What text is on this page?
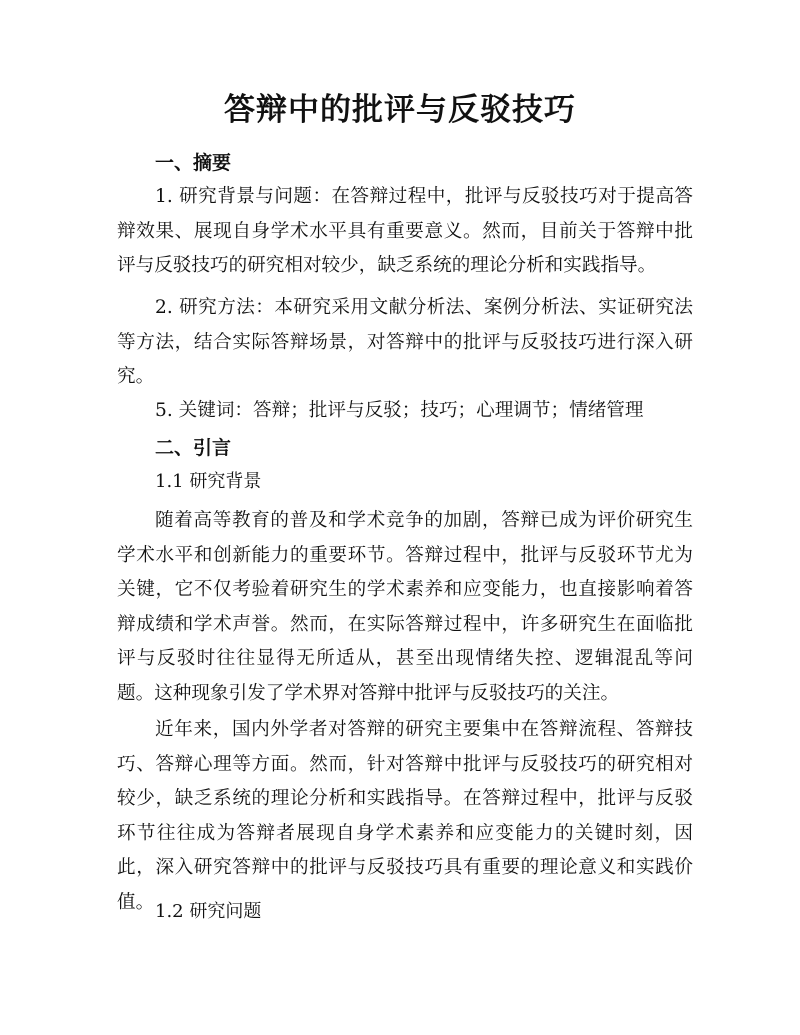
答辩中的批评与反驳技巧
一、摘要
1. 研究背景与问题：在答辩过程中，批评与反驳技巧对于提高答辩效果、展现自身学术水平具有重要意义。然而，目前关于答辩中批评与反驳技巧的研究相对较少，缺乏系统的理论分析和实践指导。
2. 研究方法：本研究采用文献分析法、案例分析法、实证研究法等方法，结合实际答辩场景，对答辩中的批评与反驳技巧进行深入研究。
5. 关键词：答辩；批评与反驳；技巧；心理调节；情绪管理
二、引言
1.1 研究背景
随着高等教育的普及和学术竞争的加剧，答辩已成为评价研究生学术水平和创新能力的重要环节。答辩过程中，批评与反驳环节尤为关键，它不仅考验着研究生的学术素养和应变能力，也直接影响着答辩成绩和学术声誉。然而，在实际答辩过程中，许多研究生在面临批评与反驳时往往显得无所适从，甚至出现情绪失控、逻辑混乱等问题。这种现象引发了学术界对答辩中批评与反驳技巧的关注。
近年来，国内外学者对答辩的研究主要集中在答辩流程、答辩技巧、答辩心理等方面。然而，针对答辩中批评与反驳技巧的研究相对较少，缺乏系统的理论分析和实践指导。在答辩过程中，批评与反驳环节往往成为答辩者展现自身学术素养和应变能力的关键时刻，因此，深入研究答辩中的批评与反驳技巧具有重要的理论意义和实践价值。 1.2 研究问题
